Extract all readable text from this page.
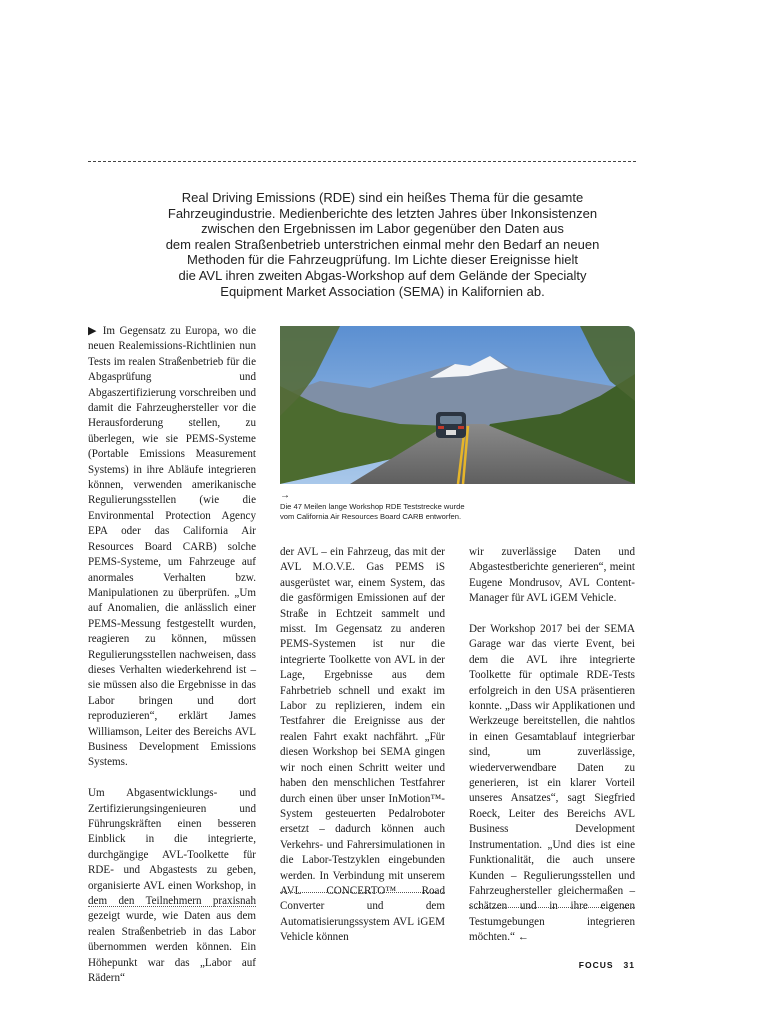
Real Driving Emissions (RDE) sind ein heißes Thema für die gesamte
Fahrzeugindustrie. Medienberichte des letzten Jahres über Inkonsistenzen
zwischen den Ergebnissen im Labor gegenüber den Daten aus
dem realen Straßenbetrieb unterstrichen einmal mehr den Bedarf an neuen
Methoden für die Fahrzeugprüfung. Im Lichte dieser Ereignisse hielt
die AVL ihren zweiten Abgas-Workshop auf dem Gelände der Specialty
Equipment Market Association (SEMA) in Kalifornien ab.

▶ Im Gegensatz zu Europa, wo die neuen Realemissions-Richtlinien nun Tests im realen Straßenbetrieb für die Abgasprüfung und Abgaszertifizierung vorschreiben und damit die Fahrzeughersteller vor die Herausforderung stellen, zu überlegen, wie sie PEMS-Systeme (Portable Emissions Measurement Systems) in ihre Abläufe integrieren können, verwenden amerikanische Regulierungsstellen (wie die Environmental Protection Agency EPA oder das California Air Resources Board CARB) solche PEMS-Systeme, um Fahrzeuge auf anormales Verhalten bzw. Manipulationen zu überprüfen. „Um auf Anomalien, die anlässlich einer PEMS-Messung festgestellt wurden, reagieren zu können, müssen Regulierungsstellen nachweisen, dass dieses Verhalten wiederkehrend ist – sie müssen also die Ergebnisse in das Labor bringen und dort reproduzieren“, erklärt James Williamson, Leiter des Bereichs AVL Business Development Emissions Systems.

Um Abgasentwicklungs- und Zertifizierungsingenieuren und Führungskräften einen besseren Einblick in die integrierte, durchgängige AVL-Toolkette für RDE- und Abgastests zu geben, organisierte AVL einen Workshop, in dem den Teilnehmern praxisnah gezeigt wurde, wie Daten aus dem realen Straßenbetrieb in das Labor übernommen werden können. Ein Höhepunkt war das „Labor auf Rädern“

→
Die 47 Meilen lange Workshop RDE Teststrecke wurde
vom California Air Resources Board CARB entworfen.

der AVL – ein Fahrzeug, das mit der AVL M.O.V.E. Gas PEMS iS ausgerüstet war, einem System, das die gasförmigen Emissionen auf der Straße in Echtzeit sammelt und misst. Im Gegensatz zu anderen PEMS-Systemen ist nur die integrierte Toolkette von AVL in der Lage, Ergebnisse aus dem Fahrbetrieb schnell und exakt im Labor zu replizieren, indem ein Testfahrer die Ereignisse aus der realen Fahrt exakt nachfährt. „Für diesen Workshop bei SEMA gingen wir noch einen Schritt weiter und haben den menschlichen Testfahrer durch einen über unser InMotion™-System gesteuerten Pedalroboter ersetzt – dadurch können auch Verkehrs- und Fahrersimulationen in die Labor-Testzyklen eingebunden werden. In Verbindung mit unserem AVL CONCERTO™ Road Converter und dem Automatisierungssystem AVL iGEM Vehicle können

wir zuverlässige Daten und Abgastestberichte generieren“, meint Eugene Mondrusov, AVL Content-Manager für AVL iGEM Vehicle.

Der Workshop 2017 bei der SEMA Garage war das vierte Event, bei dem die AVL ihre integrierte Toolkette für optimale RDE-Tests erfolgreich in den USA präsentieren konnte. „Dass wir Applikationen und Werkzeuge bereitstellen, die nahtlos in einen Gesamtablauf integrierbar sind, um zuverlässige, wiederverwendbare Daten zu generieren, ist ein klarer Vorteil unseres Ansatzes“, sagt Siegfried Roeck, Leiter des Bereichs AVL Business Development Instrumentation. „Und dies ist eine Funktionalität, die auch unsere Kunden – Regulierungsstellen und Fahrzeughersteller gleichermaßen – schätzen und in ihre eigenen Testumgebungen integrieren möchten.“ ←

FOCUS 31
